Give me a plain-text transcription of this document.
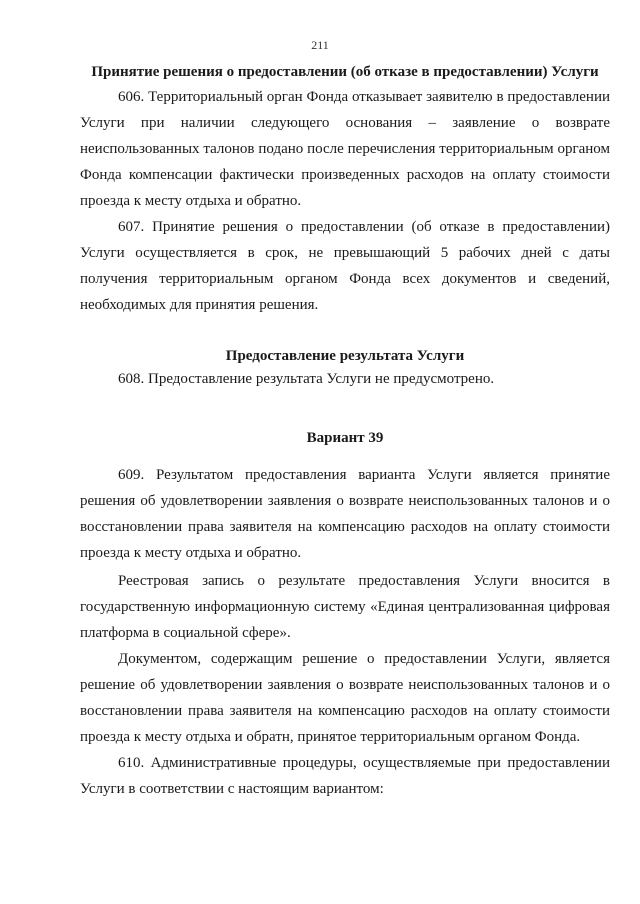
211
Принятие решения о предоставлении (об отказе в предоставлении) Услуги

606. Территориальный орган Фонда отказывает заявителю в предоставлении Услуги при наличии следующего основания – заявление о возврате неиспользованных талонов подано после перечисления территориальным органом Фонда компенсации фактически произведенных расходов на оплату стоимости проезда к месту отдыха и обратно.

607. Принятие решения о предоставлении (об отказе в предоставлении) Услуги осуществляется в срок, не превышающий 5 рабочих дней с даты получения территориальным органом Фонда всех документов и сведений, необходимых для принятия решения.

Предоставление результата Услуги

608. Предоставление результата Услуги не предусмотрено.

Вариант 39

609. Результатом предоставления варианта Услуги является принятие решения об удовлетворении заявления о возврате неиспользованных талонов и о восстановлении права заявителя на компенсацию расходов на оплату стоимости проезда к месту отдыха и обратно.

Реестровая запись о результате предоставления Услуги вносится в государственную информационную систему «Единая централизованная цифровая платформа в социальной сфере».

Документом, содержащим решение о предоставлении Услуги, является решение об удовлетворении заявления о возврате неиспользованных талонов и о восстановлении права заявителя на компенсацию расходов на оплату стоимости проезда к месту отдыха и обратн, принятое территориальным органом Фонда.

610. Административные процедуры, осуществляемые при предоставлении Услуги в соответствии с настоящим вариантом:
